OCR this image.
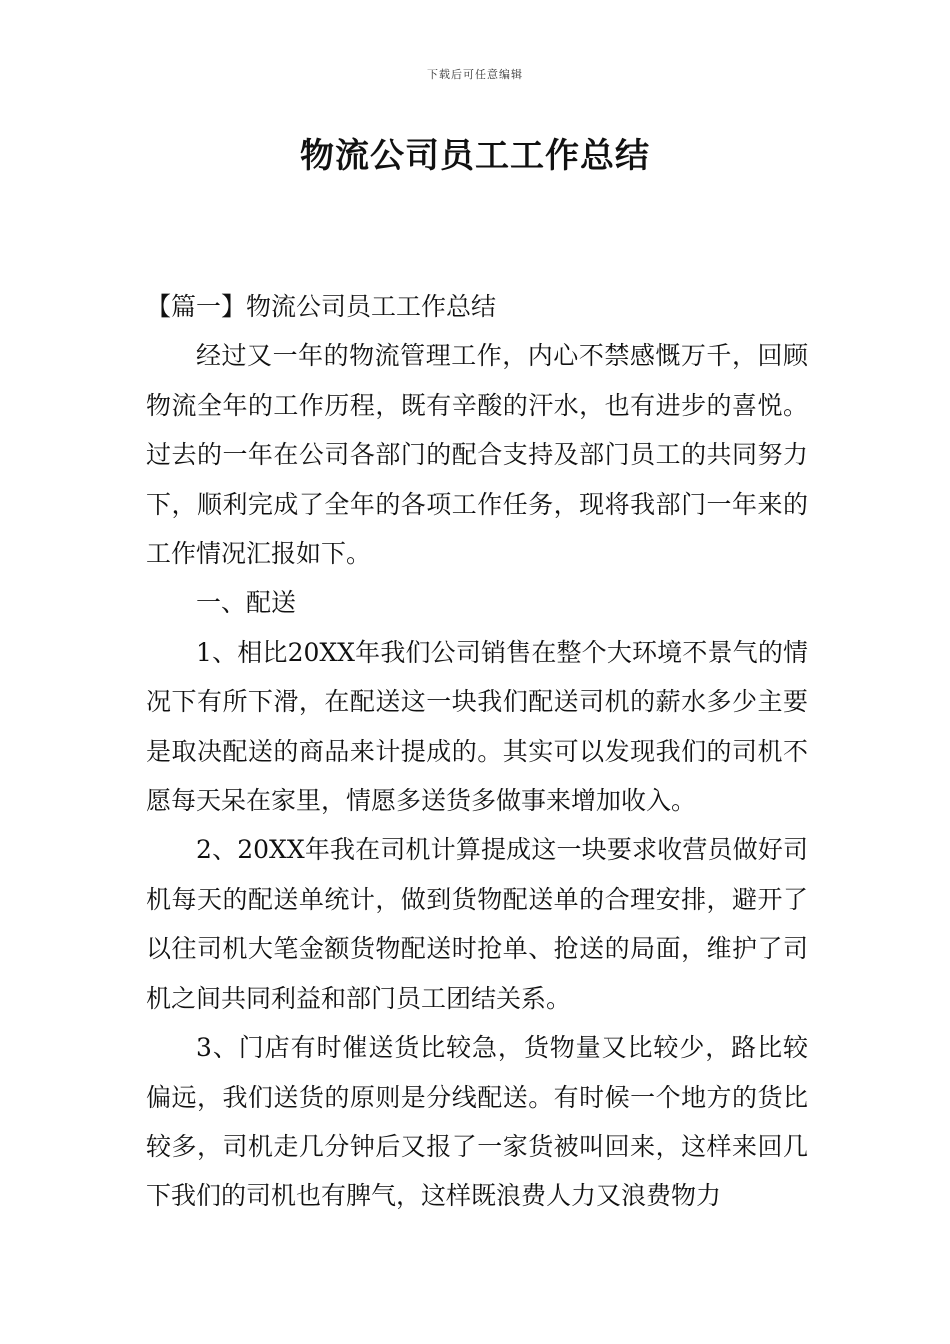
下载后可任意编辑
物流公司员工工作总结

【篇一】物流公司员工工作总结

经过又一年的物流管理工作，内心不禁感慨万千，回顾物流全年的工作历程，既有辛酸的汗水，也有进步的喜悦。过去的一年在公司各部门的配合支持及部门员工的共同努力下，顺利完成了全年的各项工作任务，现将我部门一年来的工作情况汇报如下。

一、配送

1、相比20XX年我们公司销售在整个大环境不景气的情况下有所下滑，在配送这一块我们配送司机的薪水多少主要是取决配送的商品来计提成的。其实可以发现我们的司机不愿每天呆在家里，情愿多送货多做事来增加收入。

2、20XX年我在司机计算提成这一块要求收营员做好司机每天的配送单统计，做到货物配送单的合理安排，避开了以往司机大笔金额货物配送时抢单、抢送的局面，维护了司机之间共同利益和部门员工团结关系。

3、门店有时催送货比较急，货物量又比较少，路比较偏远，我们送货的原则是分线配送。有时候一个地方的货比较多，司机走几分钟后又报了一家货被叫回来，这样来回几下我们的司机也有脾气，这样既浪费人力又浪费物力
